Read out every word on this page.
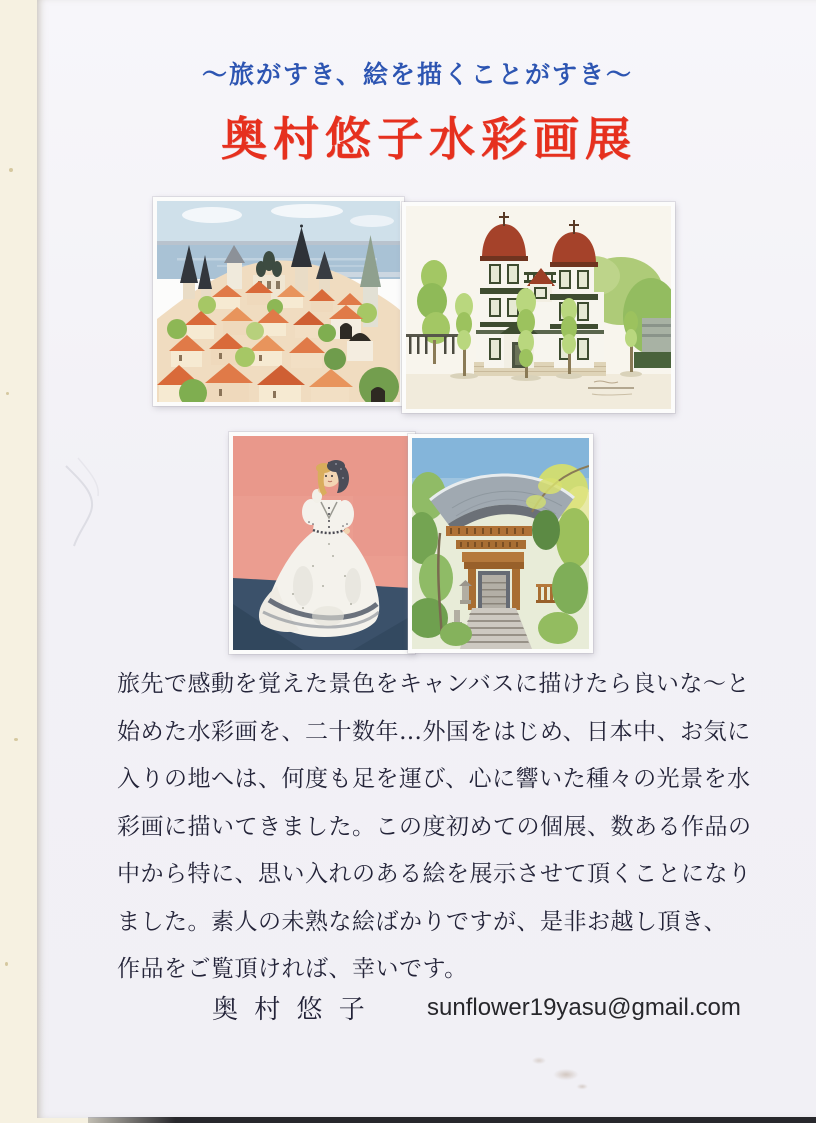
～旅がすき、絵を描くことがすき～
奥村悠子水彩画展
旅先で感動を覚えた景色をキャンバスに描けたら良いな～と
始めた水彩画を、二十数年…外国をはじめ、日本中、お気に
入りの地へは、何度も足を運び、心に響いた種々の光景を水
彩画に描いてきました。この度初めての個展、数ある作品の
中から特に、思い入れのある絵を展示させて頂くことになり
ました。素人の未熟な絵ばかりですが、是非お越し頂き、
作品をご覧頂ければ、幸いです。
奥 村 悠 子 sunflower19yasu@gmail.com
